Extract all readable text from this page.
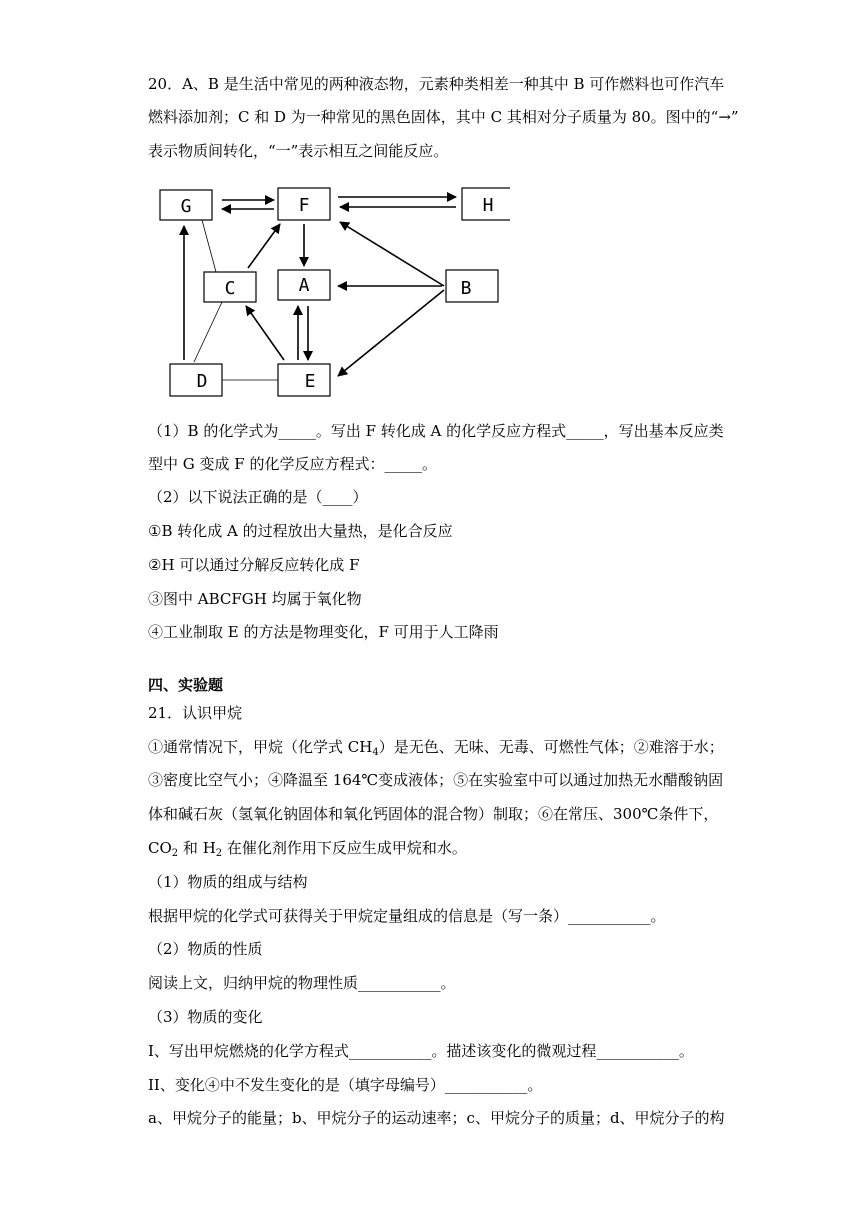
20．A、B 是生活中常见的两种液态物，元素种类相差一种其中 B 可作燃料也可作汽车
燃料添加剂；C 和 D 为一种常见的黑色固体，其中 C 其相对分子质量为 80。图中的“→”
表示物质间转化，“一”表示相互之间能反应。
G	F	H
C	A	B
D	E
（1）B 的化学式为_____。写出 F 转化成 A 的化学反应方程式_____，写出基本反应类
型中 G 变成 F 的化学反应方程式：_____。
（2）以下说法正确的是（____）
①B 转化成 A 的过程放出大量热，是化合反应
②H 可以通过分解反应转化成 F
③图中 ABCFGH 均属于氧化物
④工业制取 E 的方法是物理变化，F 可用于人工降雨
四、实验题
21．认识甲烷
①通常情况下，甲烷（化学式 $CH_4$）是无色、无味、无毒、可燃性气体；②难溶于水；
③密度比空气小；④降温至 164℃变成液体；⑤在实验室中可以通过加热无水醋酸钠固
体和碱石灰（氢氧化钠固体和氧化钙固体的混合物）制取；⑥在常压、300℃条件下，
$CO_2$ 和 $H_2$ 在催化剂作用下反应生成甲烷和水。
（1）物质的组成与结构
根据甲烷的化学式可获得关于甲烷定量组成的信息是（写一条）___________。
（2）物质的性质
阅读上文，归纳甲烷的物理性质___________。
（3）物质的变化
I、写出甲烷燃烧的化学方程式___________。描述该变化的微观过程___________。
II、变化④中不发生变化的是（填字母编号）___________。
a、甲烷分子的能量；b、甲烷分子的运动速率；c、甲烷分子的质量；d、甲烷分子的构
